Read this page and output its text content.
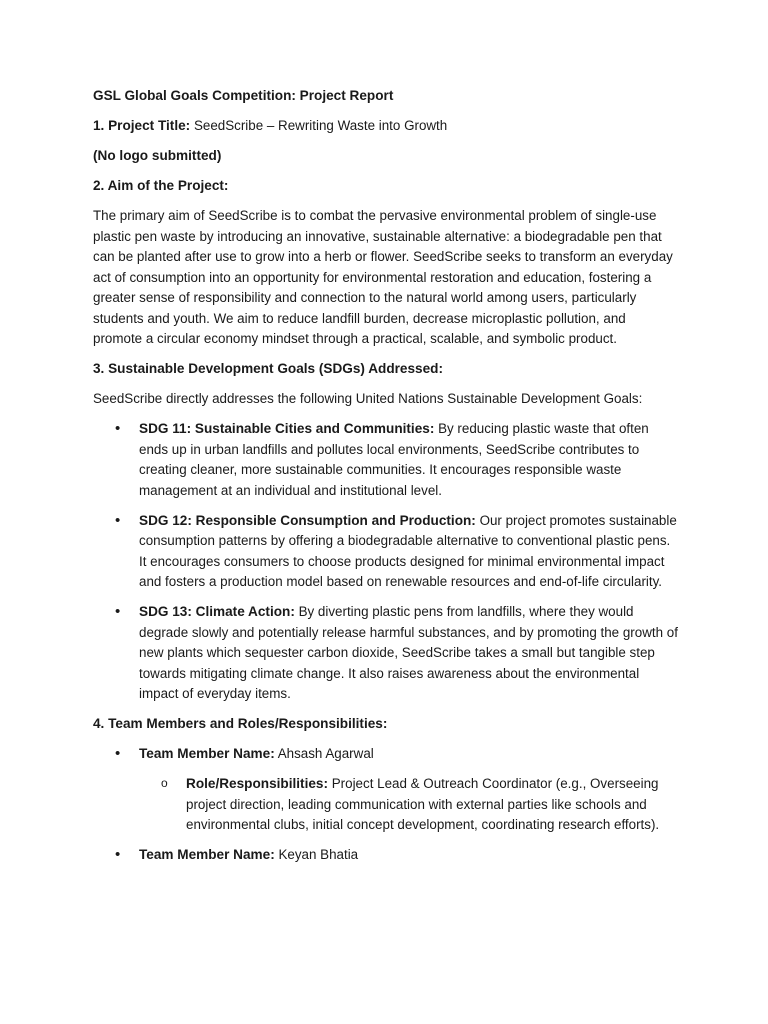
GSL Global Goals Competition: Project Report

1. Project Title: SeedScribe – Rewriting Waste into Growth

(No logo submitted)

2. Aim of the Project:

The primary aim of SeedScribe is to combat the pervasive environmental problem of single-use plastic pen waste by introducing an innovative, sustainable alternative: a biodegradable pen that can be planted after use to grow into a herb or flower. SeedScribe seeks to transform an everyday act of consumption into an opportunity for environmental restoration and education, fostering a greater sense of responsibility and connection to the natural world among users, particularly students and youth. We aim to reduce landfill burden, decrease microplastic pollution, and promote a circular economy mindset through a practical, scalable, and symbolic product.

3. Sustainable Development Goals (SDGs) Addressed:

SeedScribe directly addresses the following United Nations Sustainable Development Goals:

• SDG 11: Sustainable Cities and Communities: By reducing plastic waste that often ends up in urban landfills and pollutes local environments, SeedScribe contributes to creating cleaner, more sustainable communities. It encourages responsible waste management at an individual and institutional level.
• SDG 12: Responsible Consumption and Production: Our project promotes sustainable consumption patterns by offering a biodegradable alternative to conventional plastic pens. It encourages consumers to choose products designed for minimal environmental impact and fosters a production model based on renewable resources and end-of-life circularity.
• SDG 13: Climate Action: By diverting plastic pens from landfills, where they would degrade slowly and potentially release harmful substances, and by promoting the growth of new plants which sequester carbon dioxide, SeedScribe takes a small but tangible step towards mitigating climate change. It also raises awareness about the environmental impact of everyday items.

4. Team Members and Roles/Responsibilities:

• Team Member Name: Ahsash Agarwal
o Role/Responsibilities: Project Lead & Outreach Coordinator (e.g., Overseeing project direction, leading communication with external parties like schools and environmental clubs, initial concept development, coordinating research efforts).
• Team Member Name: Keyan Bhatia
